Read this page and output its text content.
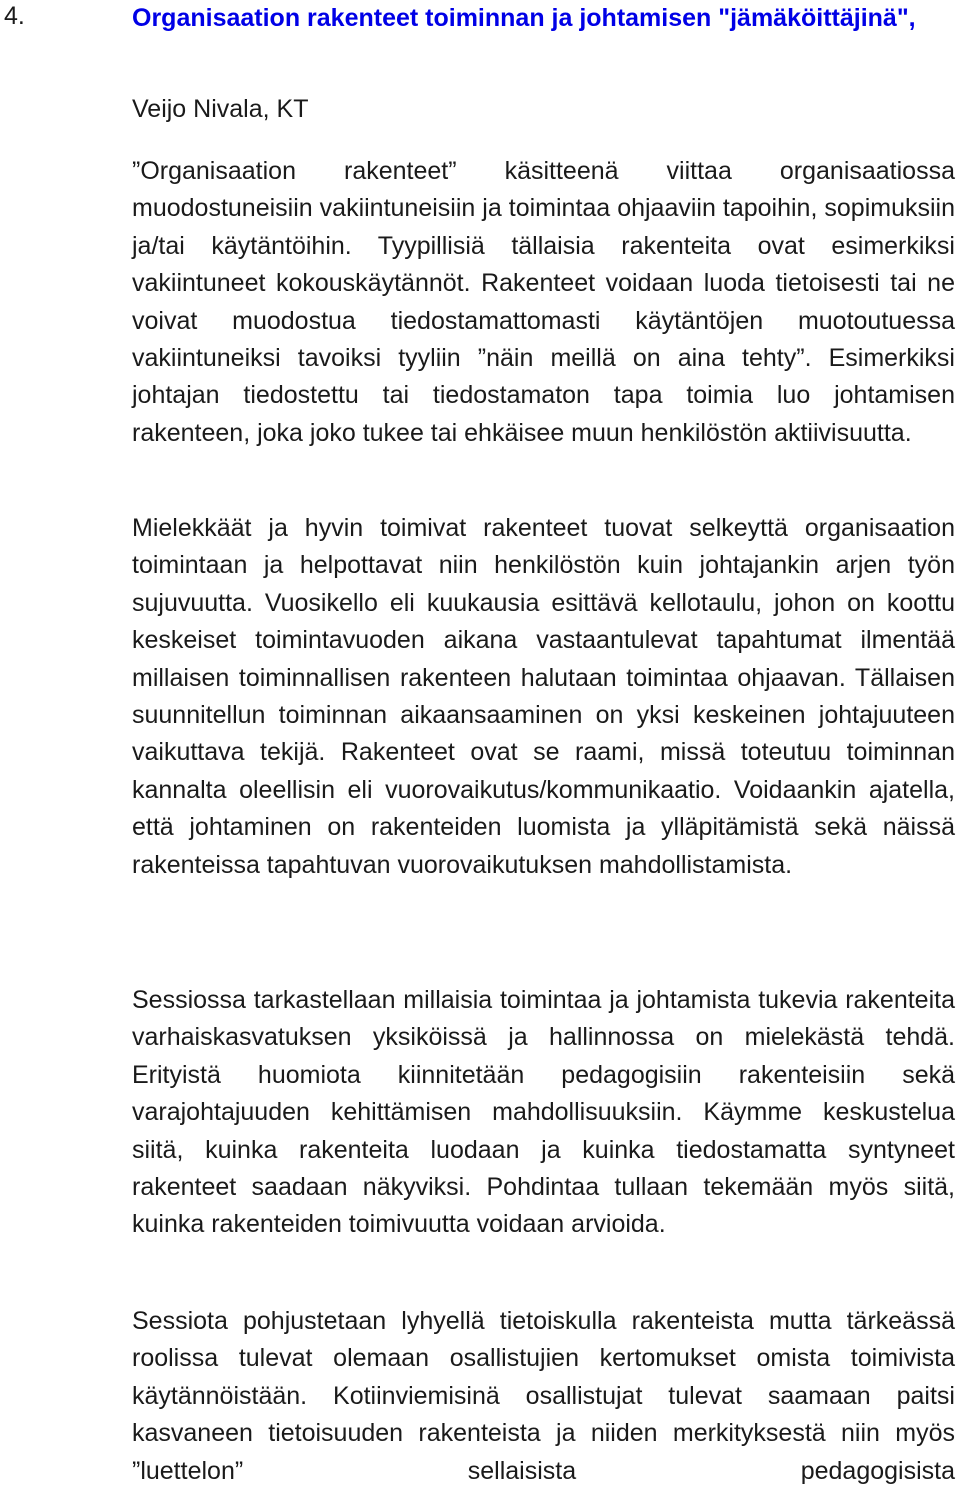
4.	Organisaation rakenteet toiminnan ja johtamisen "jämäköittäjinä",
Veijo Nivala, KT

”Organisaation rakenteet” käsitteenä viittaa organisaatiossa muodostuneisiin vakiintuneisiin ja toimintaa ohjaaviin tapoihin, sopimuksiin ja/tai käytäntöihin. Tyypillisiä tällaisia rakenteita ovat esimerkiksi vakiintuneet kokouskäytännöt. Rakenteet voidaan luoda tietoisesti tai ne voivat muodostua tiedostamattomasti käytäntöjen muotoutuessa vakiintuneiksi tavoiksi tyyliin ”näin meillä on aina tehty”. Esimerkiksi johtajan tiedostettu tai tiedostamaton tapa toimia luo johtamisen rakenteen, joka joko tukee tai ehkäisee muun henkilöstön aktiivisuutta.

Mielekkäät ja hyvin toimivat rakenteet tuovat selkeyttä organisaation toimintaan ja helpottavat niin henkilöstön kuin johtajankin arjen työn sujuvuutta. Vuosikello eli kuukausia esittävä kellotaulu, johon on koottu keskeiset toimintavuoden aikana vastaantulevat tapahtumat ilmentää millaisen toiminnallisen rakenteen halutaan toimintaa ohjaavan. Tällaisen suunnitellun toiminnan aikaansaaminen on yksi keskeinen johtajuuteen vaikuttava tekijä. Rakenteet ovat se raami, missä toteutuu toiminnan kannalta oleellisin eli vuorovaikutus/kommunikaatio. Voidaankin ajatella, että johtaminen on rakenteiden luomista ja ylläpitämistä sekä näissä rakenteissa tapahtuvan vuorovaikutuksen mahdollistamista.

Sessiossa tarkastellaan millaisia toimintaa ja johtamista tukevia rakenteita varhaiskasvatuksen yksiköissä ja hallinnossa on mielekästä tehdä. Erityistä huomiota kiinnitetään pedagogisiin rakenteisiin sekä varajohtajuuden kehittämisen mahdollisuuksiin. Käymme keskustelua siitä, kuinka rakenteita luodaan ja kuinka tiedostamatta syntyneet rakenteet saadaan näkyviksi. Pohdintaa tullaan tekemään myös siitä, kuinka rakenteiden toimivuutta voidaan arvioida.

Sessiota pohjustetaan lyhyellä tietoiskulla rakenteista mutta tärkeässä roolissa tulevat olemaan osallistujien kertomukset omista toimivista käytännöistään. Kotiinviemisinä osallistujat tulevat saamaan paitsi kasvaneen tietoisuuden rakenteista ja niiden merkityksestä niin myös ”luettelon” sellaisista pedagogisista
